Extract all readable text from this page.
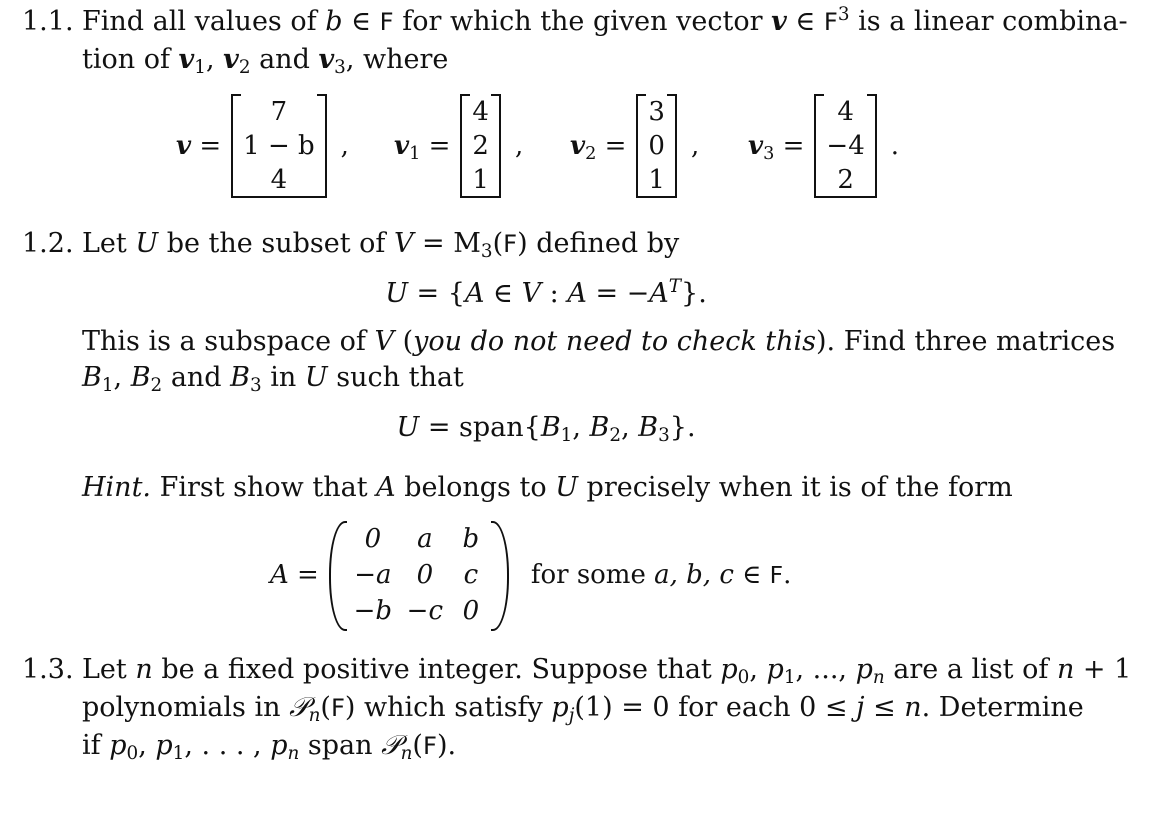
1.1. Find all values of b ∈ F for which the given vector v ∈ $F^3$ is a linear combina-
tion of $v_1$, $v_2$ and $v_3$, where
v =
7
1 − b
4
, $v_1$ =
4
2
1
, $v_2$ =
3
0
1
, $v_3$ =
4
−4
2
.
1.2. Let U be the subset of $V = M_3(F)$ defined by
U = {A ∈ V : $A = -A^T$}.
This is a subspace of V (you do not need to check this). Find three matrices
$B_1$, $B_2$ and $B_3$ in U such that
$U = span\{B_1$, $B_2$, $B_3$}.
Hint. First show that A belongs to U precisely when it is of the form
A =
0 a b
−a 0 c
−b −c 0
for some a, b, c ∈ F.
1.3. Let n be a fixed positive integer. Suppose that $p_0$, $p_1$, ..., $p_n$ are a list of n + 1
polynomials in 𝒫$_n$(F) which satisfy $p_j(1) = 0$ for each 0 ≤ j ≤ n. Determine
if $p_0$, $p_1$, . . . , $p_n$ span 𝒫$_n$(F).
